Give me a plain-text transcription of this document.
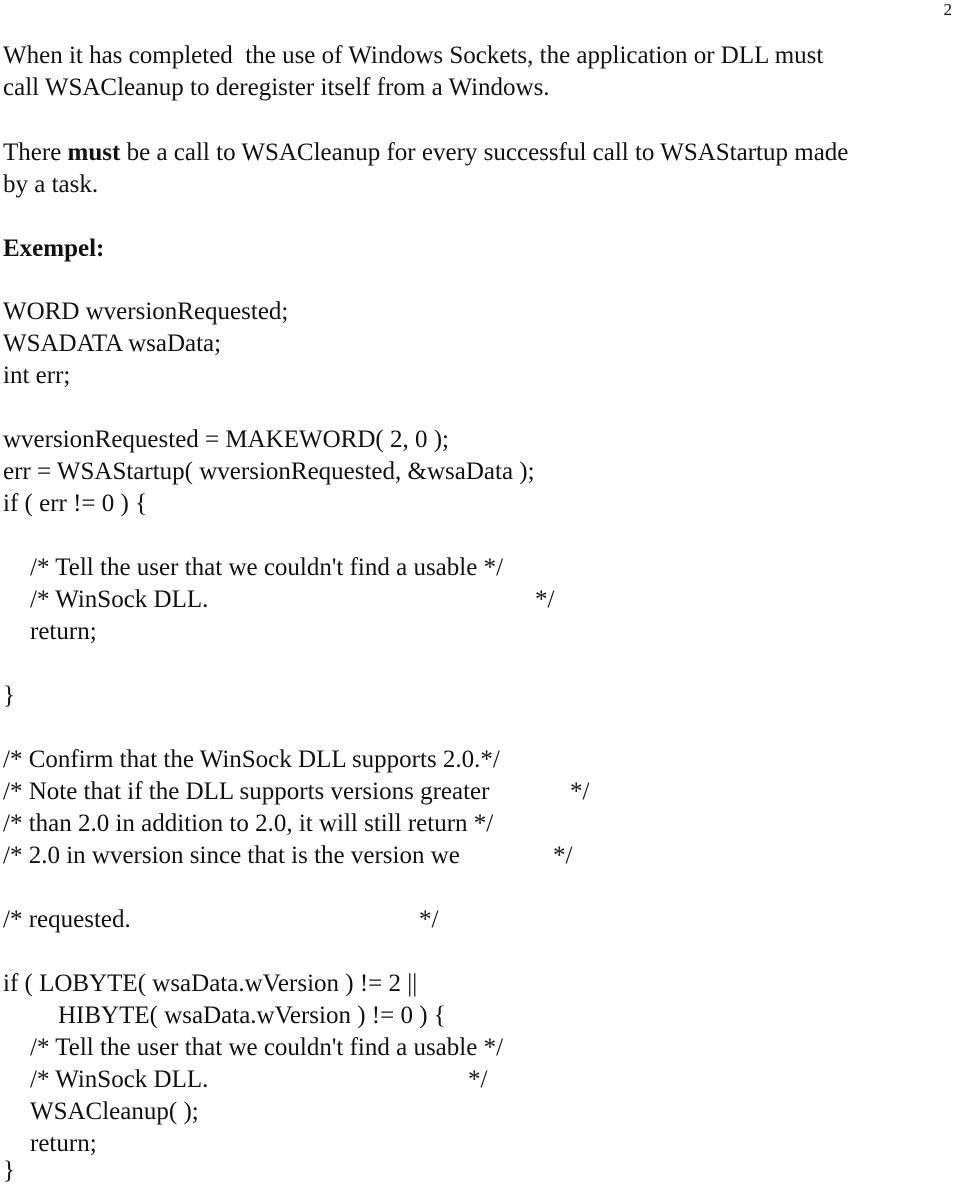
2
When it has completed  the use of Windows Sockets, the application or DLL must
call WSACleanup to deregister itself from a Windows.
There must be a call to WSACleanup for every successful call to WSAStartup made
by a task.
Exempel:
WORD wversionRequested;
WSADATA wsaData;
int err;
wversionRequested = MAKEWORD( 2, 0 );
err = WSAStartup( wversionRequested, &wsaData );
if ( err != 0 ) {
/* Tell the user that we couldn't find a usable */
/* WinSock DLL.	*/
return;
}
/* Confirm that the WinSock DLL supports 2.0.*/
/* Note that if the DLL supports versions greater	*/
/* than 2.0 in addition to 2.0, it will still return */
/* 2.0 in wversion since that is the version we	*/
/* requested.	*/
if ( LOBYTE( wsaData.wVersion ) != 2 ||
HIBYTE( wsaData.wVersion ) != 0 ) {
/* Tell the user that we couldn't find a usable */
/* WinSock DLL.	*/
WSACleanup( );
return;
}
